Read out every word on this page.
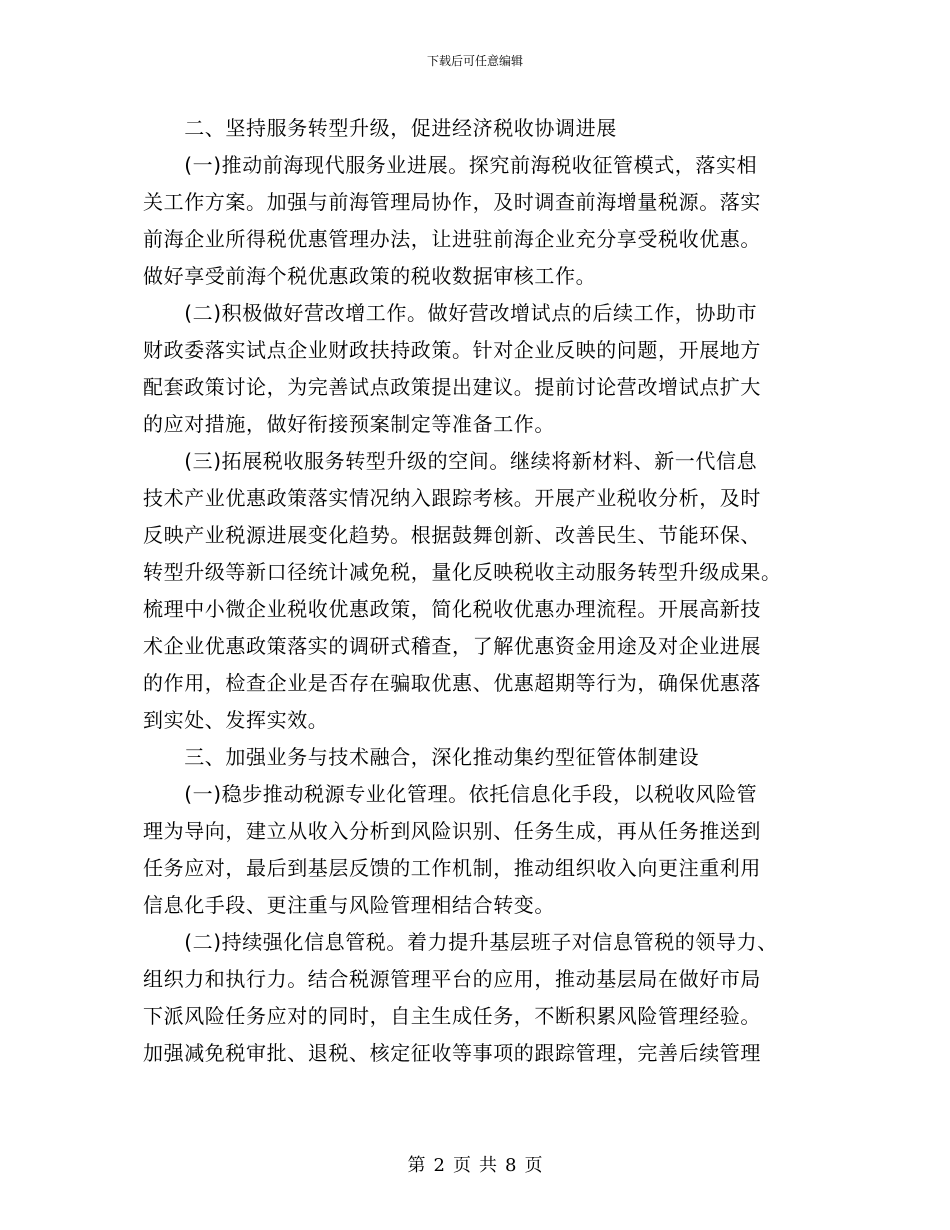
下载后可任意编辑
　　二、坚持服务转型升级，促进经济税收协调进展
　　(一)推动前海现代服务业进展。探究前海税收征管模式，落实相
关工作方案。加强与前海管理局协作，及时调查前海增量税源。落实
前海企业所得税优惠管理办法，让进驻前海企业充分享受税收优惠。
做好享受前海个税优惠政策的税收数据审核工作。
　　(二)积极做好营改增工作。做好营改增试点的后续工作，协助市
财政委落实试点企业财政扶持政策。针对企业反映的问题，开展地方
配套政策讨论，为完善试点政策提出建议。提前讨论营改增试点扩大
的应对措施，做好衔接预案制定等准备工作。
　　(三)拓展税收服务转型升级的空间。继续将新材料、新一代信息
技术产业优惠政策落实情况纳入跟踪考核。开展产业税收分析，及时
反映产业税源进展变化趋势。根据鼓舞创新、改善民生、节能环保、
转型升级等新口径统计减免税，量化反映税收主动服务转型升级成果。
梳理中小微企业税收优惠政策，简化税收优惠办理流程。开展高新技
术企业优惠政策落实的调研式稽查，了解优惠资金用途及对企业进展
的作用，检查企业是否存在骗取优惠、优惠超期等行为，确保优惠落
到实处、发挥实效。
　　三、加强业务与技术融合，深化推动集约型征管体制建设
　　(一)稳步推动税源专业化管理。依托信息化手段，以税收风险管
理为导向，建立从收入分析到风险识别、任务生成，再从任务推送到
任务应对，最后到基层反馈的工作机制，推动组织收入向更注重利用
信息化手段、更注重与风险管理相结合转变。
　　(二)持续强化信息管税。着力提升基层班子对信息管税的领导力、
组织力和执行力。结合税源管理平台的应用，推动基层局在做好市局
下派风险任务应对的同时，自主生成任务，不断积累风险管理经验。
加强减免税审批、退税、核定征收等事项的跟踪管理，完善后续管理
第 2 页 共 8 页
